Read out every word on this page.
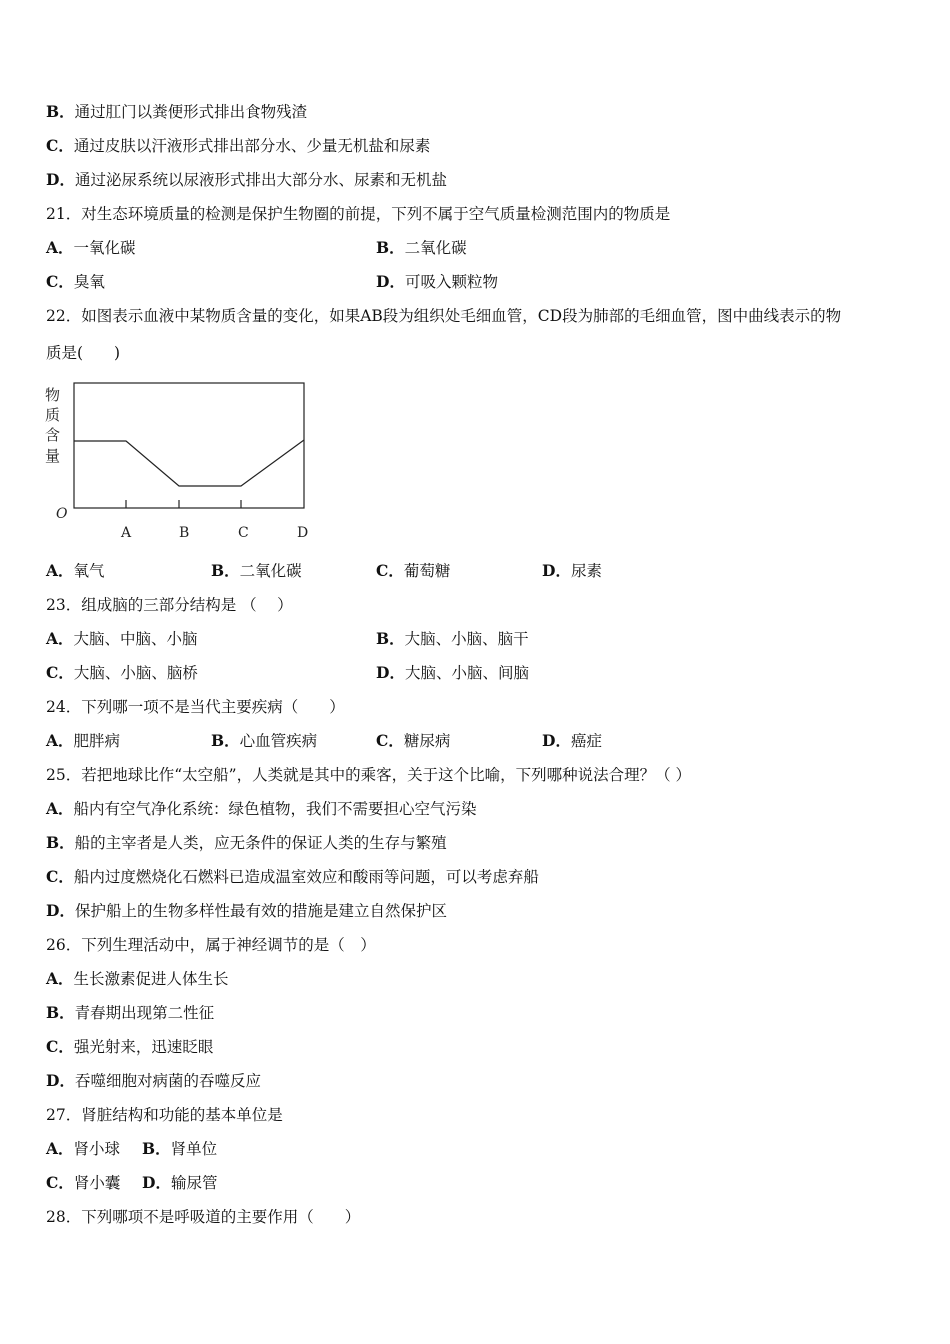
B．通过肛门以粪便形式排出食物残渣
C．通过皮肤以汗液形式排出部分水、少量无机盐和尿素
D．通过泌尿系统以尿液形式排出大部分水、尿素和无机盐
21．对生态环境质量的检测是保护生物圈的前提，下列不属于空气质量检测范围内的物质是
A．一氧化碳	B．二氧化碳
C．臭氧	D．可吸入颗粒物
22．如图表示血液中某物质含量的变化，如果AB段为组织处毛细血管，CD段为肺部的毛细血管，图中曲线表示的物
质是(　　)
物
质
含
量
O
A	B	C	D
A．氧气	B．二氧化碳	C．葡萄糖	D．尿素
23．组成脑的三部分结构是 （　 ）
A．大脑、中脑、小脑	B．大脑、小脑、脑干
C．大脑、小脑、脑桥	D．大脑、小脑、间脑
24．下列哪一项不是当代主要疾病（　　）
A．肥胖病	B．心血管疾病	C．糖尿病	D．癌症
25．若把地球比作“太空船”，人类就是其中的乘客，关于这个比喻，下列哪种说法合理？（ ）
A．船内有空气净化系统：绿色植物，我们不需要担心空气污染
B．船的主宰者是人类，应无条件的保证人类的生存与繁殖
C．船内过度燃烧化石燃料已造成温室效应和酸雨等问题，可以考虑弃船
D．保护船上的生物多样性最有效的措施是建立自然保护区
26．下列生理活动中，属于神经调节的是（　）
A．生长激素促进人体生长
B．青春期出现第二性征
C．强光射来，迅速眨眼
D．吞噬细胞对病菌的吞噬反应
27．肾脏结构和功能的基本单位是
A．肾小球 B．肾单位
C．肾小囊 D．输尿管
28．下列哪项不是呼吸道的主要作用（　　）
